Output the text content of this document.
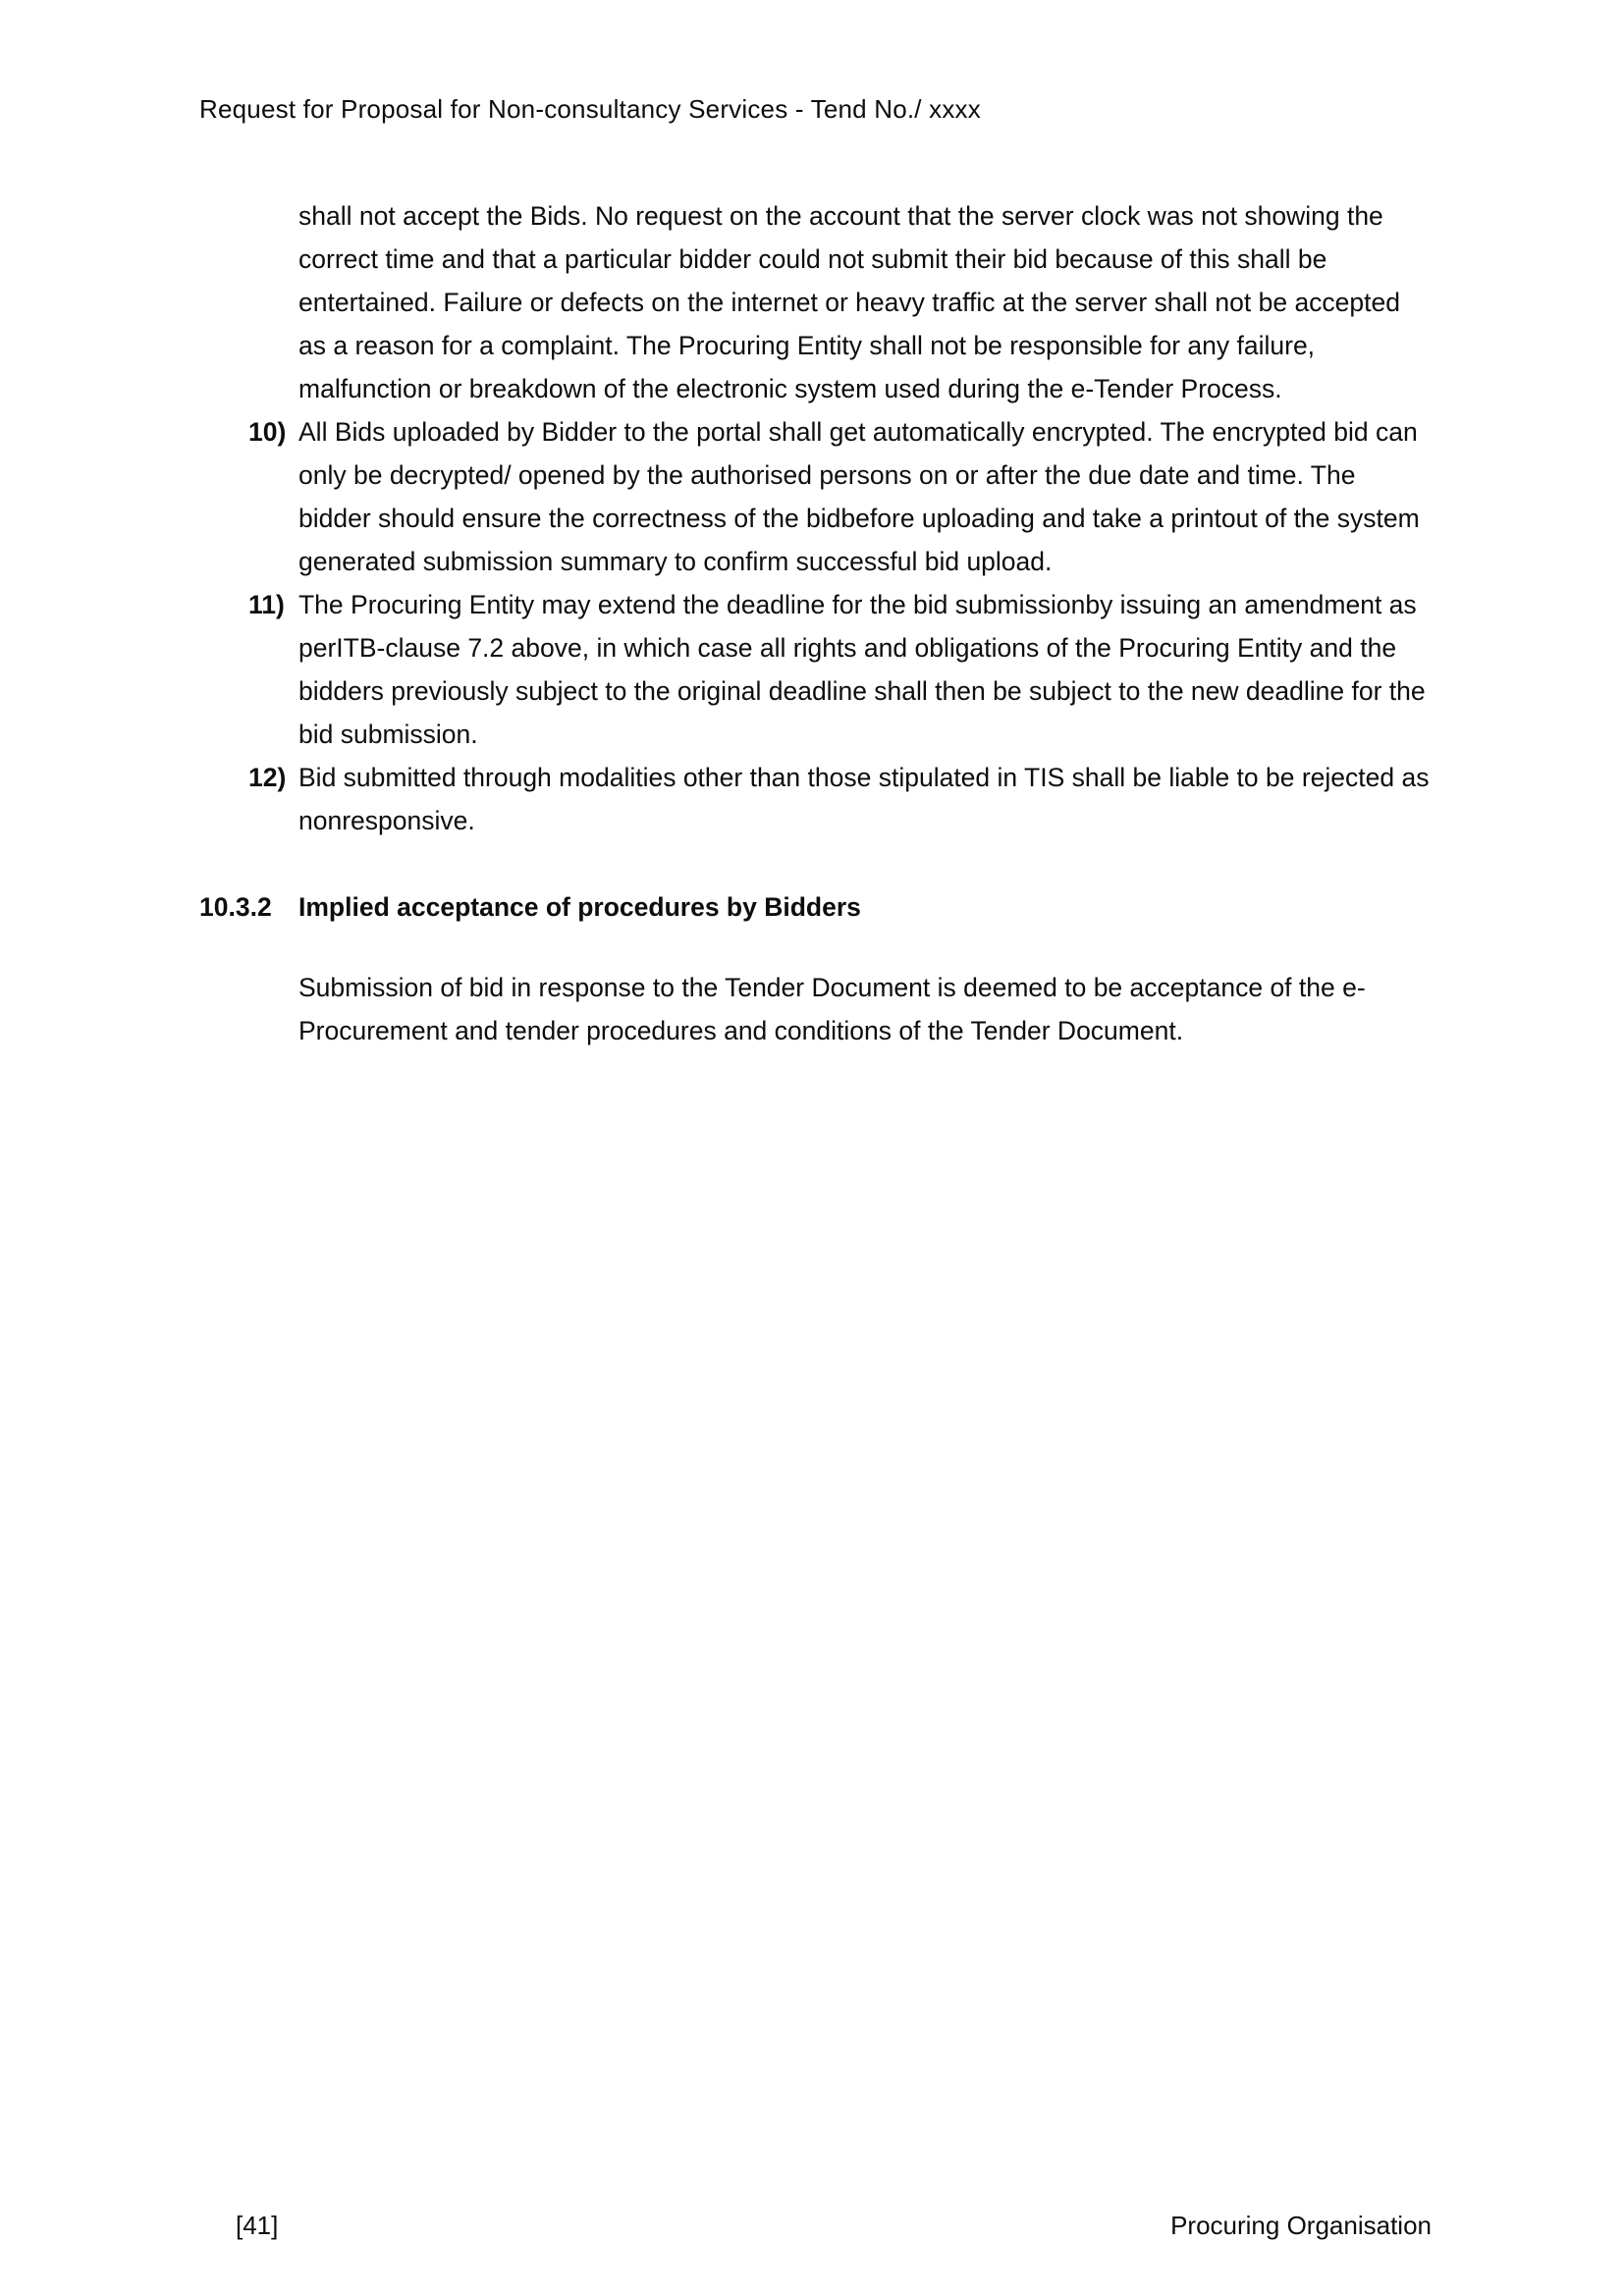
Request for Proposal for Non-consultancy Services - Tend No./ xxxx

shall not accept the Bids. No request on the account that the server clock was not showing the correct time and that a particular bidder could not submit their bid because of this shall be entertained. Failure or defects on the internet or heavy traffic at the server shall not be accepted as a reason for a complaint. The Procuring Entity shall not be responsible for any failure, malfunction or breakdown of the electronic system used during the e-Tender Process.

10) All Bids uploaded by Bidder to the portal shall get automatically encrypted. The encrypted bid can only be decrypted/ opened by the authorised persons on or after the due date and time. The bidder should ensure the correctness of the bidbefore uploading and take a printout of the system generated submission summary to confirm successful bid upload.
11) The Procuring Entity may extend the deadline for the bid submissionby issuing an amendment as perITB-clause 7.2 above, in which case all rights and obligations of the Procuring Entity and the bidders previously subject to the original deadline shall then be subject to the new deadline for the bid submission.
12) Bid submitted through modalities other than those stipulated in TIS shall be liable to be rejected as nonresponsive.
10.3.2	Implied acceptance of procedures by Bidders

Submission of bid in response to the Tender Document is deemed to be acceptance of the e-Procurement and tender procedures and conditions of the Tender Document.

[41]	Procuring Organisation
